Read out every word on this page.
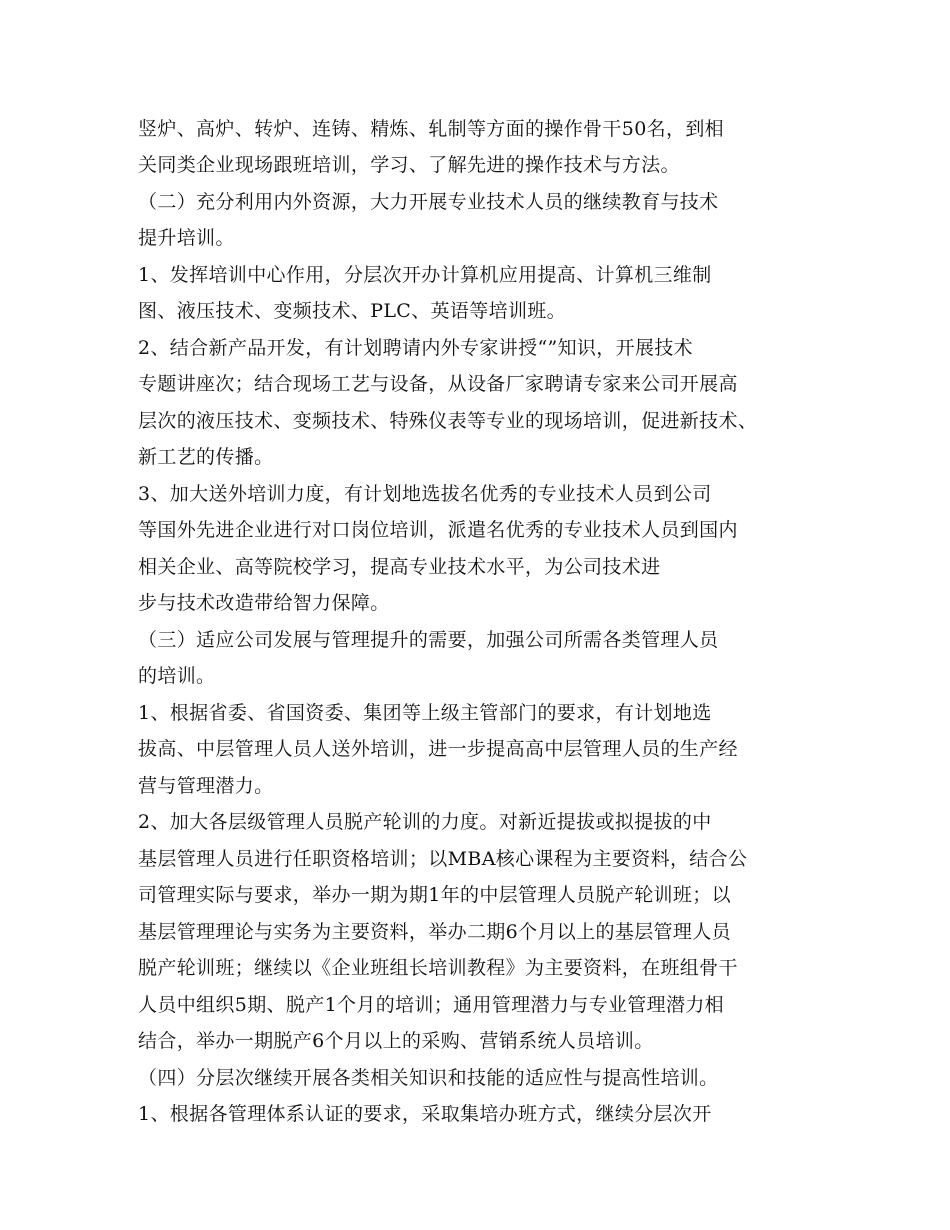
竖炉、高炉、转炉、连铸、精炼、轧制等方面的操作骨干50名，到相
关同类企业现场跟班培训，学习、了解先进的操作技术与方法。
（二）充分利用内外资源，大力开展专业技术人员的继续教育与技术
提升培训。
1、发挥培训中心作用，分层次开办计算机应用提高、计算机三维制
图、液压技术、变频技术、PLC、英语等培训班。
2、结合新产品开发，有计划聘请内外专家讲授“”知识，开展技术
专题讲座次；结合现场工艺与设备，从设备厂家聘请专家来公司开展高
层次的液压技术、变频技术、特殊仪表等专业的现场培训，促进新技术、
新工艺的传播。
3、加大送外培训力度，有计划地选拔名优秀的专业技术人员到公司
等国外先进企业进行对口岗位培训，派遣名优秀的专业技术人员到国内
相关企业、高等院校学习，提高专业技术水平，为公司技术进
步与技术改造带给智力保障。
（三）适应公司发展与管理提升的需要，加强公司所需各类管理人员
的培训。
1、根据省委、省国资委、集团等上级主管部门的要求，有计划地选
拔高、中层管理人员人送外培训，进一步提高高中层管理人员的生产经
营与管理潜力。
2、加大各层级管理人员脱产轮训的力度。对新近提拔或拟提拔的中
基层管理人员进行任职资格培训；以MBA核心课程为主要资料，结合公
司管理实际与要求，举办一期为期1年的中层管理人员脱产轮训班；以
基层管理理论与实务为主要资料，举办二期6个月以上的基层管理人员
脱产轮训班；继续以《企业班组长培训教程》为主要资料，在班组骨干
人员中组织5期、脱产1个月的培训；通用管理潜力与专业管理潜力相
结合，举办一期脱产6个月以上的采购、营销系统人员培训。
（四）分层次继续开展各类相关知识和技能的适应性与提高性培训。
1、根据各管理体系认证的要求，采取集培办班方式，继续分层次开
